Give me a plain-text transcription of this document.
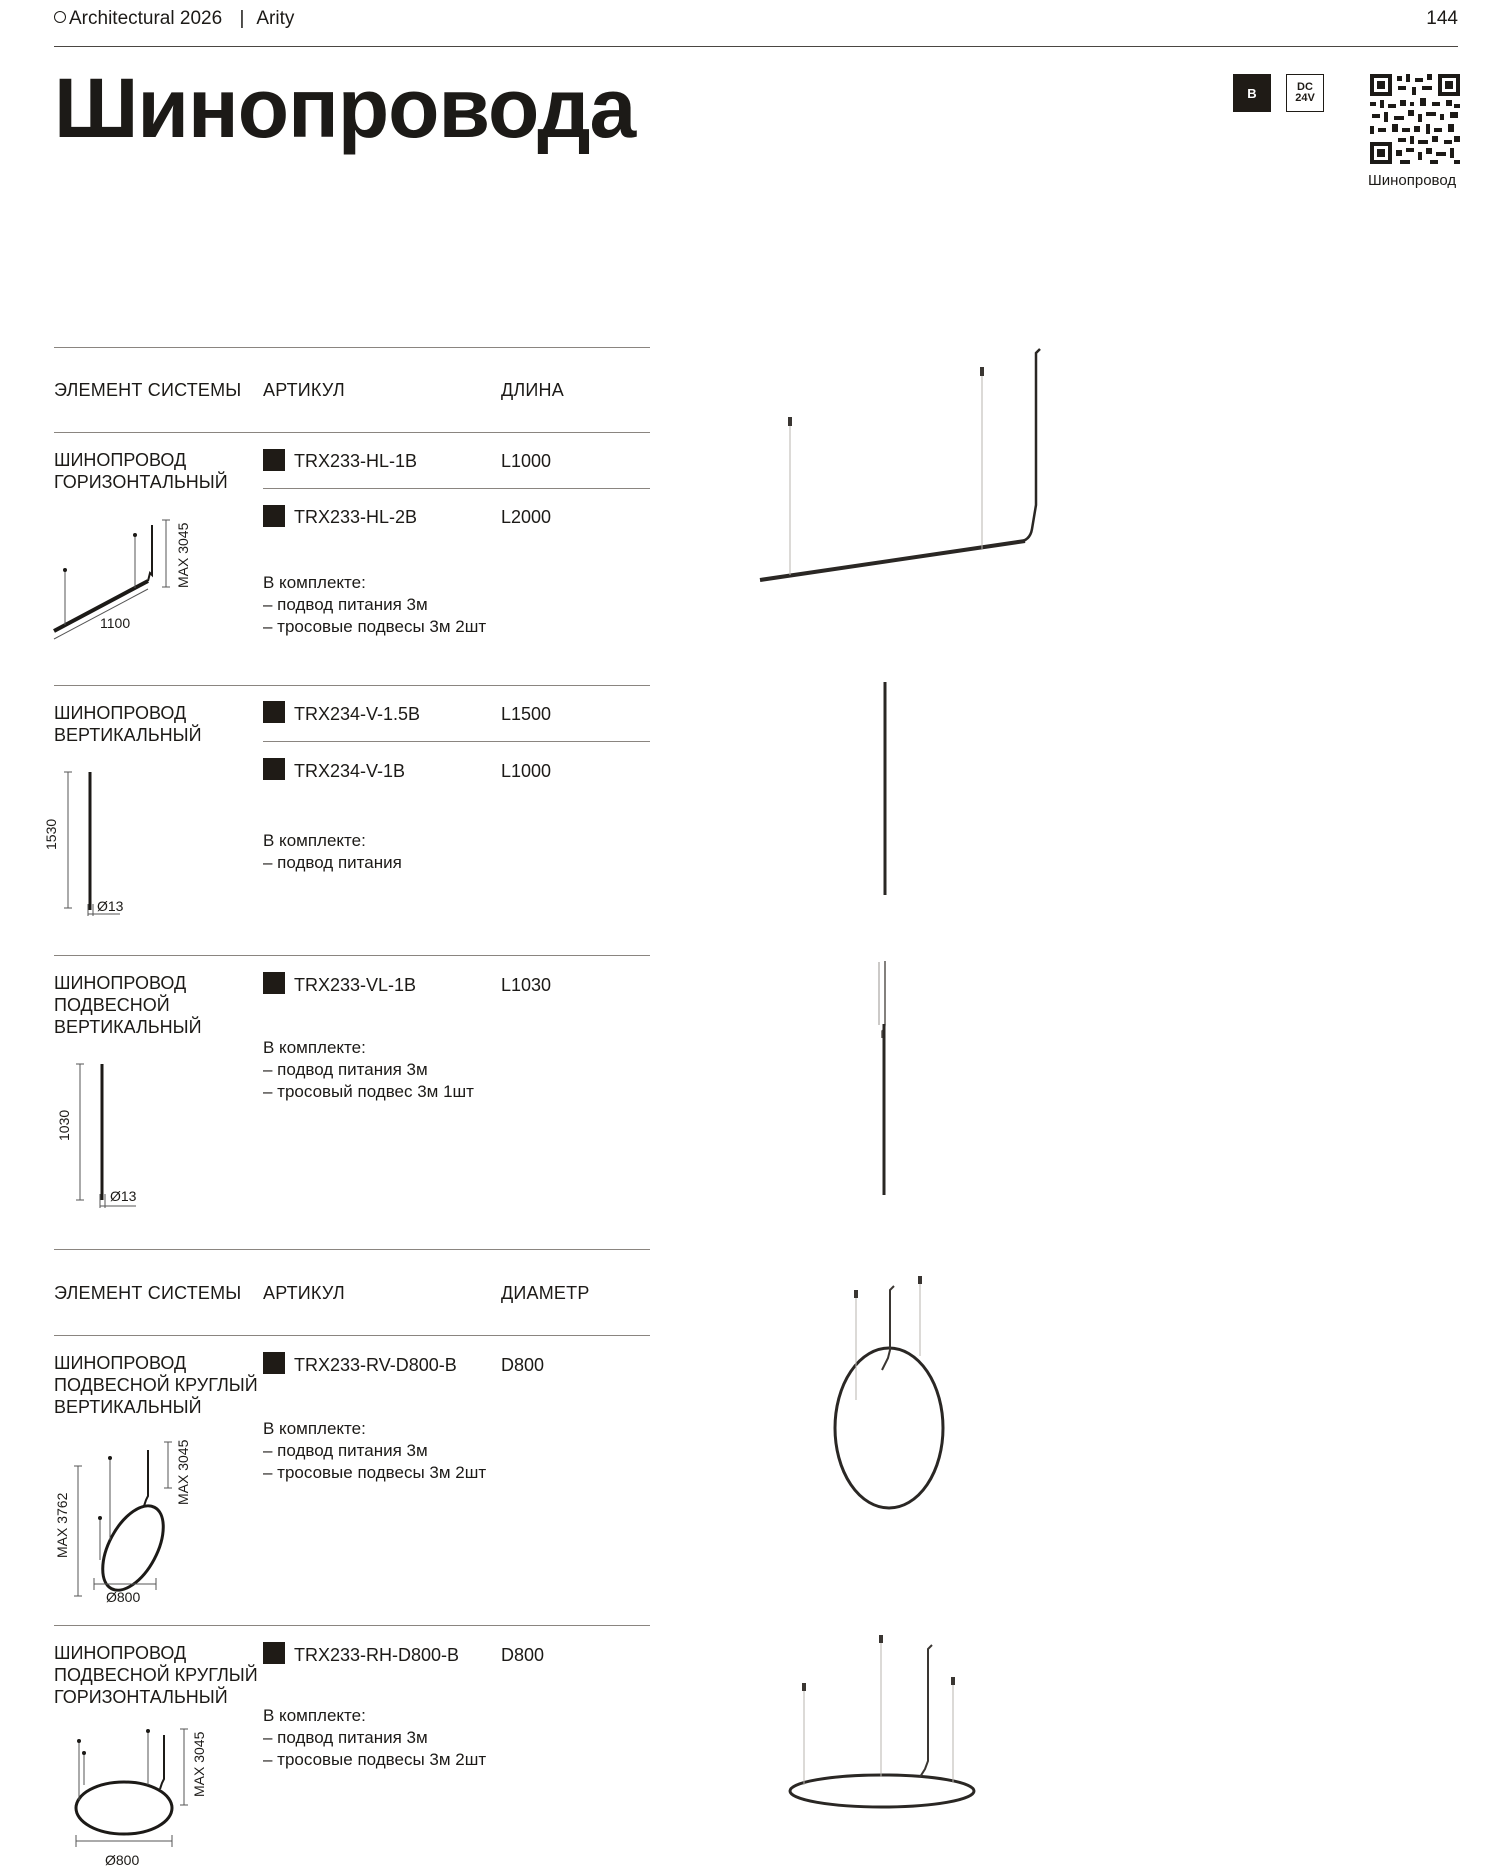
Architectural 2026 | Arity	144
Шинопровода	B	DC
24V
Шинопровод
ЭЛЕМЕНТ СИСТЕМЫ АРТИКУЛ	ДЛИНА
ШИНОПРОВОД
ГОРИЗОНТАЛЬНЫЙ
TRX233-HL-1B	L1000
TRX233-HL-2B	L2000
В комплекте:
– подвод питания 3м
– тросовые подвесы 3м 2шт
1100
MAX 3045
ШИНОПРОВОД
ВЕРТИКАЛЬНЫЙ
TRX234-V-1.5B	L1500
TRX234-V-1B	L1000
В комплекте:
– подвод питания
1530
Ø13
ШИНОПРОВОД
ПОДВЕСНОЙ
ВЕРТИКАЛЬНЫЙ
TRX233-VL-1B	L1030
В комплекте:
– подвод питания 3м
– тросовый подвес 3м 1шт
1030
Ø13
ЭЛЕМЕНТ СИСТЕМЫ АРТИКУЛ	ДИАМЕТР
ШИНОПРОВОД
ПОДВЕСНОЙ КРУГЛЫЙ
ВЕРТИКАЛЬНЫЙ
TRX233-RV-D800-B D800
В комплекте:
– подвод питания 3м
– тросовые подвесы 3м 2шт
MAX 3762
MAX 3045
Ø800
ШИНОПРОВОД
ПОДВЕСНОЙ КРУГЛЫЙ
ГОРИЗОНТАЛЬНЫЙ
TRX233-RH-D800-B D800
В комплекте:
– подвод питания 3м
– тросовые подвесы 3м 2шт
MAX 3045
Ø800
